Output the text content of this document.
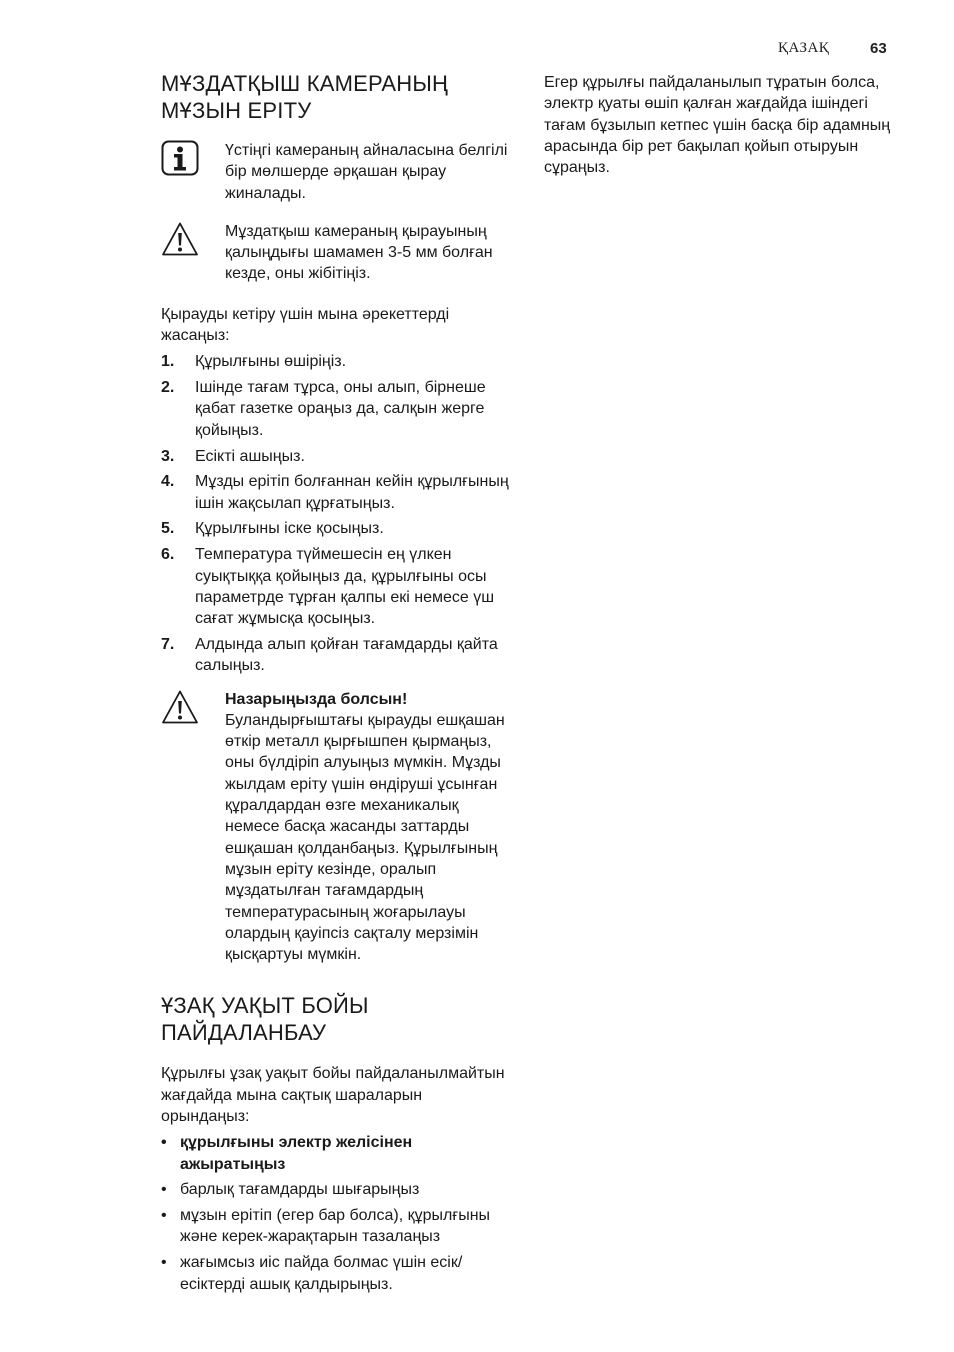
ҚАЗАҚ	63
МҰЗДАТҚЫШ КАМЕРАНЫҢ
МҰЗЫН ЕРІТУ

Үстіңгі камераның айналасына белгілі бір мөлшерде әрқашан қырау жиналады.

Мұздатқыш камераның қырауының қалыңдығы шамамен 3-5 мм болған кезде, оны жібітіңіз.

Қырауды кетіру үшін мына әрекеттерді жасаңыз:

1. Құрылғыны өшіріңіз.
2. Ішінде тағам тұрса, оны алып, бірнеше қабат газетке ораңыз да, салқын жерге қойыңыз.
3. Есікті ашыңыз.
4. Мұзды ерітіп болғаннан кейін құрылғының ішін жақсылап құрғатыңыз.
5. Құрылғыны іске қосыңыз.
6. Температура түймешесін ең үлкен суықтыққа қойыңыз да, құрылғыны осы параметрде тұрған қалпы екі немесе үш сағат жұмысқа қосыңыз.
7. Алдында алып қойған тағамдарды қайта салыңыз.

Назарыңызда болсын!

Буландырғыштағы қырауды ешқашан өткір металл қырғышпен қырмаңыз, оны бүлдіріп алуыңыз мүмкін. Мұзды жылдам еріту үшін өндіруші ұсынған құралдардан өзге механикалық немесе басқа жасанды заттарды ешқашан қолданбаңыз. Құрылғының мұзын еріту кезінде, оралып мұздатылған тағамдардың температурасының жоғарылауы олардың қауіпсіз сақталу мерзімін қысқартуы мүмкін.

ҰЗАҚ УАҚЫТ БОЙЫ
ПАЙДАЛАНБАУ

Құрылғы ұзақ уақыт бойы пайдаланылмайтын жағдайда мына сақтық шараларын орындаңыз:

• құрылғыны электр желісінен ажыратыңыз
• барлық тағамдарды шығарыңыз
• мұзын ерітіп (егер бар болса), құрылғыны және керек-жарақтарын тазалаңыз
• жағымсыз иіс пайда болмас үшін есік/есіктерді ашық қалдырыңыз.

Егер құрылғы пайдаланылып тұратын болса, электр қуаты өшіп қалған жағдайда ішіндегі тағам бұзылып кетпес үшін басқа бір адамның арасында бір рет бақылап қойып отыруын сұраңыз.
